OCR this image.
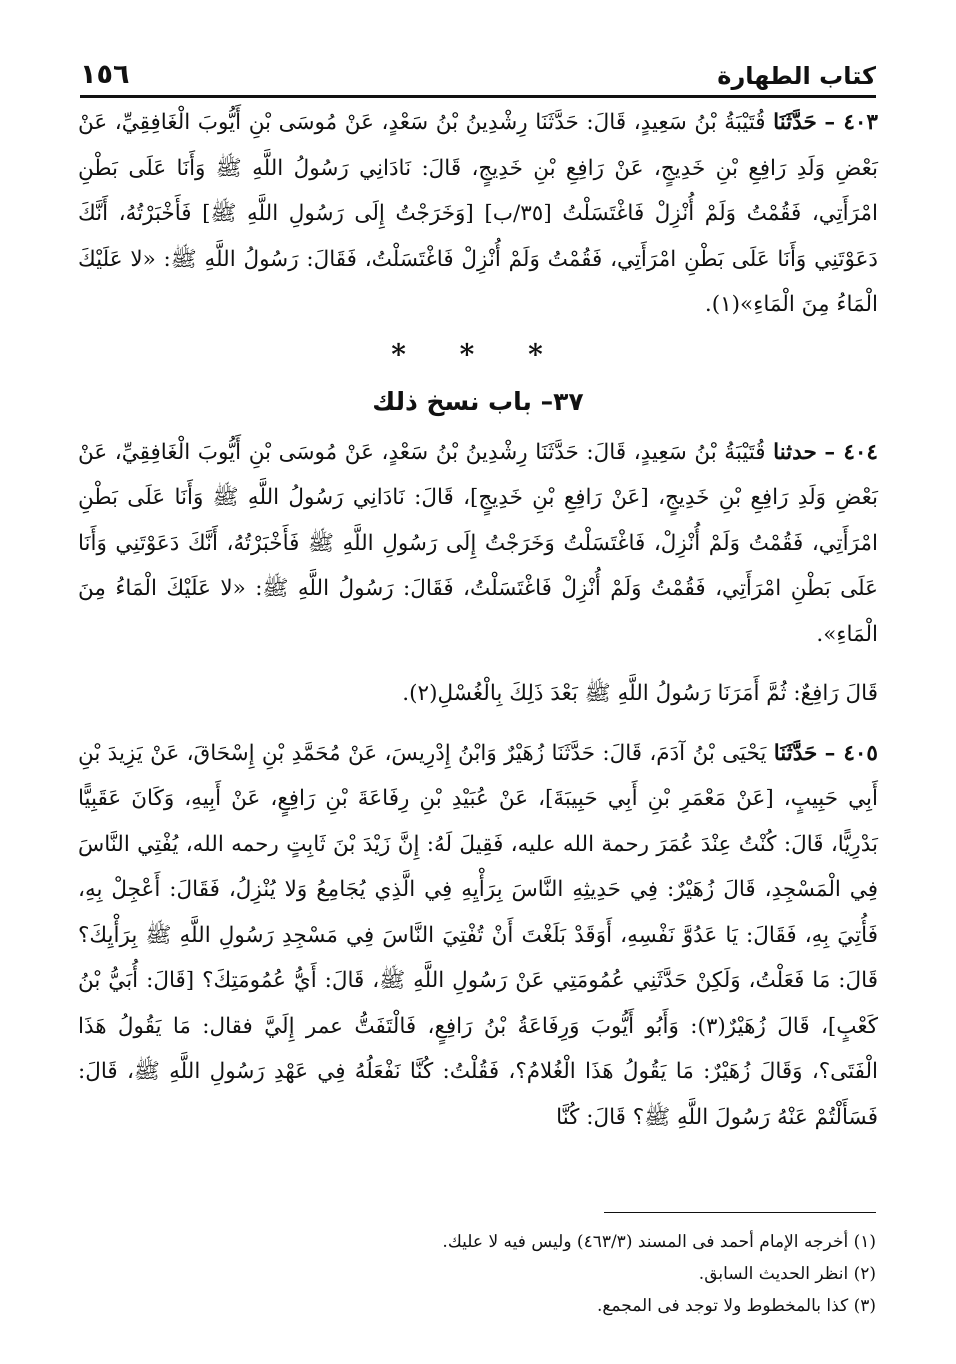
١٥٦	كتاب الطهارة

٤٠٣ – حَدَّثَنَا قُتَيْبَةُ بْنُ سَعِيدٍ، قَالَ: حَدَّثَنَا رِشْدِينُ بْنُ سَعْدٍ، عَنْ مُوسَى بْنِ أَيُّوبَ الْغَافِقِيِّ، عَنْ بَعْضِ وَلَدِ رَافِعِ بْنِ خَدِيجٍ، عَنْ رَافِعِ بْنِ خَدِيجٍ، قَالَ: نَادَانِي رَسُولُ اللَّهِ ﷺ وَأَنَا عَلَى بَطْنِ امْرَأَتِي، فَقُمْتُ وَلَمْ أُنْزِلْ فَاغْتَسَلْتُ [٣٥/ب] [وَخَرَجْتُ إِلَى رَسُولِ اللَّهِ ﷺ] فَأَخْبَرْتُهُ، أَنَّكَ دَعَوْتَنِي وَأَنَا عَلَى بَطْنِ امْرَأَتِي، فَقُمْتُ وَلَمْ أُنْزِلْ فَاغْتَسَلْتُ، فَقَالَ: رَسُولُ اللَّهِ ﷺ: «لا عَلَيْكَ الْمَاءُ مِنَ الْمَاءِ»(١).

* * *
٣٧– باب نسخ ذلك

٤٠٤ – حدثنا قُتَيْبَةُ بْنُ سَعِيدٍ، قَالَ: حَدَّثَنَا رِشْدِينُ بْنُ سَعْدٍ، عَنْ مُوسَى بْنِ أَيُّوبَ الْغَافِقِيِّ، عَنْ بَعْضِ وَلَدِ رَافِعِ بْنِ خَدِيجٍ، [عَنْ رَافِعِ بْنِ خَدِيجٍ]، قَالَ: نَادَانِي رَسُولُ اللَّهِ ﷺ وَأَنَا عَلَى بَطْنِ امْرَأَتِي، فَقُمْتُ وَلَمْ أُنْزِلْ، فَاغْتَسَلْتُ وَخَرَجْتُ إِلَى رَسُولِ اللَّهِ ﷺ فَأَخْبَرْتُهُ، أَنَّكَ دَعَوْتَنِي وَأَنَا عَلَى بَطْنِ امْرَأَتِي، فَقُمْتُ وَلَمْ أُنْزِلْ فَاغْتَسَلْتُ، فَقَالَ: رَسُولُ اللَّهِ ﷺ: «لا عَلَيْكَ الْمَاءُ مِنَ الْمَاءِ».

قَالَ رَافِعٌ: ثُمَّ أَمَرَنَا رَسُولُ اللَّهِ ﷺ بَعْدَ ذَلِكَ بِالْغُسْلِ(٢).

٤٠٥ – حَدَّثَنَا يَحْيَى بْنُ آدَمَ، قَالَ: حَدَّثَنَا زُهَيْرٌ وَابْنُ إِدْرِيسَ، عَنْ مُحَمَّدِ بْنِ إِسْحَاقَ، عَنْ يَزِيدَ بْنِ أَبِي حَبِيبٍ، [عَنْ مَعْمَرِ بْنِ أَبِي حَبِيبَةَ]، عَنْ عُبَيْدِ بْنِ رِفَاعَةَ بْنِ رَافِعٍ، عَنْ أَبِيهِ، وَكَانَ عَقَبِيًّا بَدْرِيًّا، قَالَ: كُنْتُ عِنْدَ عُمَرَ رحمة الله عليه، فَقِيلَ لَهُ: إِنَّ زَيْدَ بْنَ ثَابِتٍ رحمه الله، يُفْتِي النَّاسَ فِي الْمَسْجِدِ، قَالَ زُهَيْرٌ: فِي حَدِيثِهِ النَّاسَ بِرَأْيِهِ فِي الَّذِي يُجَامِعُ وَلا يُنْزِلُ، فَقَالَ: أَعْجِلْ بِهِ، فَأُتِيَ بِهِ، فَقَالَ: يَا عَدُوَّ نَفْسِهِ، أَوَقَدْ بَلَغْتَ أَنْ تُفْتِيَ النَّاسَ فِي مَسْجِدِ رَسُولِ اللَّهِ ﷺ بِرَأْيِكَ؟ قَالَ: مَا فَعَلْتُ، وَلَكِنْ حَدَّثَنِي عُمُومَتِي عَنْ رَسُولِ اللَّهِ ﷺ، قَالَ: أَيُّ عُمُومَتِكَ؟ [قَالَ: أُبَيُّ بْنُ كَعْبٍ]، قَالَ زُهَيْرٌ(٣): وَأَبُو أَيُّوبَ وَرِفَاعَةُ بْنُ رَافِعٍ، فَالْتَفَتُّ عمر إِلَيَّ فقال: مَا يَقُولُ هَذَا الْفَتَى؟، وَقَالَ زُهَيْرٌ: مَا يَقُولُ هَذَا الْغُلامُ؟، فَقُلْتُ: كُنَّا نَفْعَلُهُ فِي عَهْدِ رَسُولِ اللَّهِ ﷺ، قَالَ: فَسَأَلْتُمْ عَنْهُ رَسُولَ اللَّهِ ﷺ؟ قَالَ: كُنَّا

(١) أخرجه الإمام أحمد فى المسند (٤٦٣/٣) وليس فيه لا عليك.
(٢) انظر الحديث السابق.
(٣) كذا بالمخطوط ولا توجد فى المجمع.
